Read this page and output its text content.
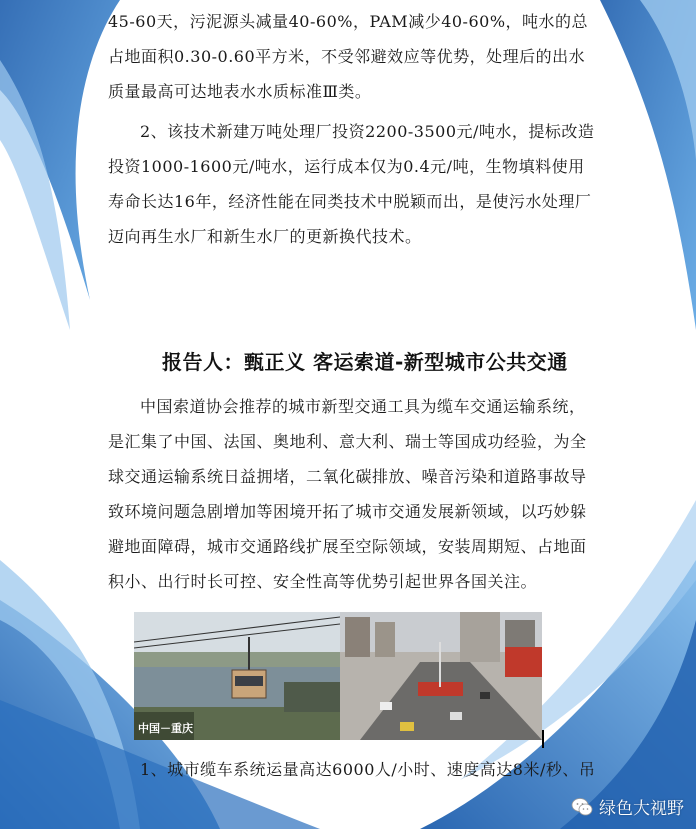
45-60天，污泥源头减量40-60%，PAM减少40-60%，吨水的总占地面积0.30-0.60平方米，不受邻避效应等优势，处理后的出水质量最高可达地表水水质标准Ⅲ类。

2、该技术新建万吨处理厂投资2200-3500元/吨水，提标改造投资1000-1600元/吨水，运行成本仅为0.4元/吨，生物填料使用寿命长达16年，经济性能在同类技术中脱颖而出，是使污水处理厂迈向再生水厂和新生水厂的更新换代技术。

报告人：甄正义 客运索道-新型城市公共交通

中国索道协会推荐的城市新型交通工具为缆车交通运输系统，是汇集了中国、法国、奥地利、意大利、瑞士等国成功经验，为全球交通运输系统日益拥堵，二氧化碳排放、噪音污染和道路事故导致环境问题急剧增加等困境开拓了城市交通发展新领域，以巧妙躲避地面障碍，城市交通路线扩展至空际领域，安装周期短、占地面积小、出行时长可控、安全性高等优势引起世界各国关注。

中国－重庆

1、城市缆车系统运量高达6000人/小时、速度高达8米/秒、吊

绿色大视野
